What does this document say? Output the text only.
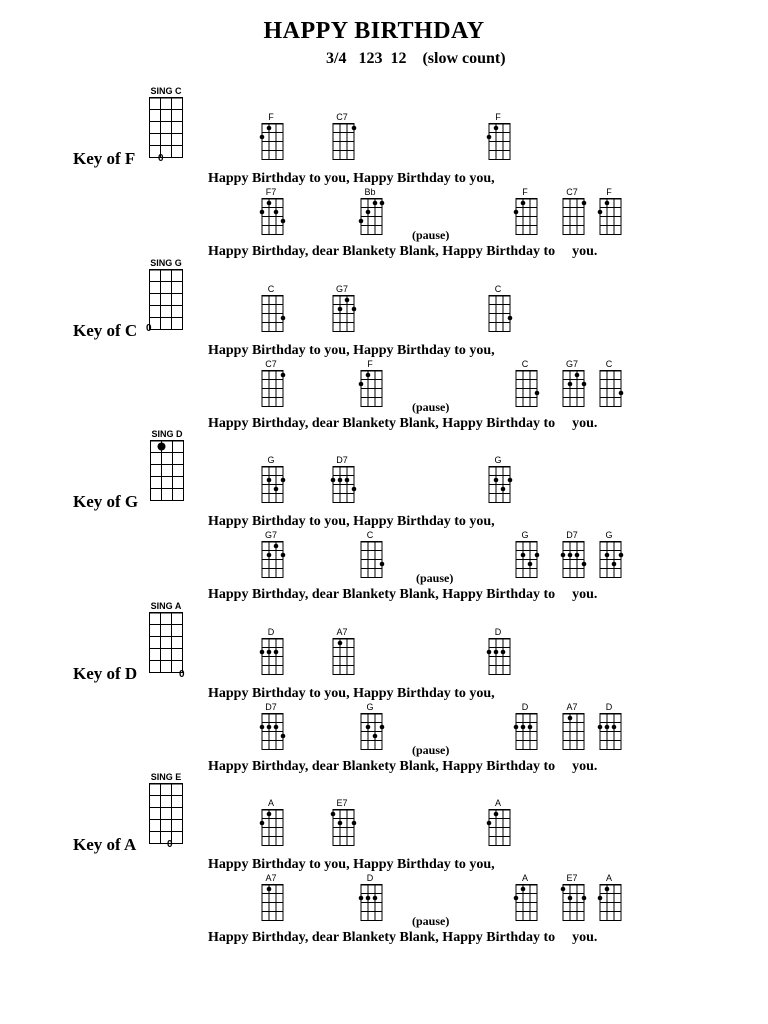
HAPPY BIRTHDAY
3/4   123  12    (slow count)
Key of F
SING C
0
F	C7	F
F7	Bb	F	C7	F
Happy Birthday to you, Happy Birthday to you,
(pause)
Happy Birthday, dear Blankety Blank, Happy Birthday to you.
Key of C
SING G
0
C	G7	C
C7	F	C	G7	C
Happy Birthday to you, Happy Birthday to you,
(pause)
Happy Birthday, dear Blankety Blank, Happy Birthday to you.
Key of G
SING D
G	D7	G
G7	C	G	D7	G
Happy Birthday to you, Happy Birthday to you,
(pause)
Happy Birthday, dear Blankety Blank, Happy Birthday to you.
Key of D
SING A
0
D	A7	D
D7	G	D	A7	D
Happy Birthday to you, Happy Birthday to you,
(pause)
Happy Birthday, dear Blankety Blank, Happy Birthday to you.
Key of A
SING E
0
A	E7	A
A7	D	A	E7	A
Happy Birthday to you, Happy Birthday to you,
(pause)
Happy Birthday, dear Blankety Blank, Happy Birthday to you.
